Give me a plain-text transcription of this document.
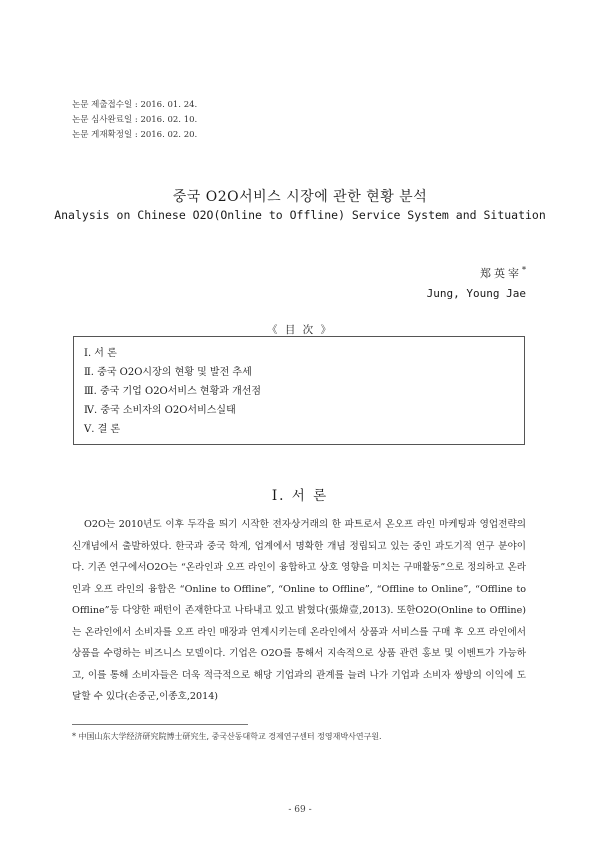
논문 제출접수일 : 2016. 01. 24.
논문 심사완료일 : 2016. 02. 10.
논문 게재확정일 : 2016. 02. 20.
중국 O2O서비스 시장에 관한 현황 분석
Analysis on Chinese O2O(Online to Offline) Service System and Situation
郑英宰*
Jung, Young Jae
《 目 次 》
Ⅰ. 서 론
Ⅱ. 중국 O2O시장의 현황 및 발전 추세
Ⅲ. 중국 기업 O2O서비스 현황과 개선점
Ⅳ. 중국 소비자의 O2O서비스실태
Ⅴ. 결 론
Ⅰ. 서 론

O2O는 2010년도 이후 두각을 띄기 시작한 전자상거래의 한 파트로서 온오프 라인 마케팅과 영업전략의 신개념에서 출발하였다. 한국과 중국 학계, 업계에서 명확한 개념 정립되고 있는 중인 과도기적 연구 분야이다. 기존 연구에서O2O는 “온라인과 오프 라인이 융합하고 상호 영향을 미치는 구매활동”으로 정의하고 온라인과 오프 라인의 융합은 “Online to Offline”, “Online to Offline”, “Offline to Online”, “Offline to Offline”등 다양한 패턴이 존재한다고 나타내고 있고 밝혔다(張煒壹,2013). 또한O2O(Online to Offline)는 온라인에서 소비자를 오프 라인 매장과 연계시키는데 온라인에서 상품과 서비스를 구매 후 오프 라인에서 상품을 수령하는 비즈니스 모델이다. 기업은 O2O를 통해서 지속적으로 상품 관련 홍보 및 이벤트가 가능하고, 이를 통해 소비자들은 더욱 적극적으로 해당 기업과의 관계를 늘려 나가 기업과 소비자 쌍방의 이익에 도달할 수 있다(손중군,이종호,2014)

* 中国山东大学经济研究院博士研究生, 중국산동대학교 경제연구센터 정영재박사연구원.
- 69 -
